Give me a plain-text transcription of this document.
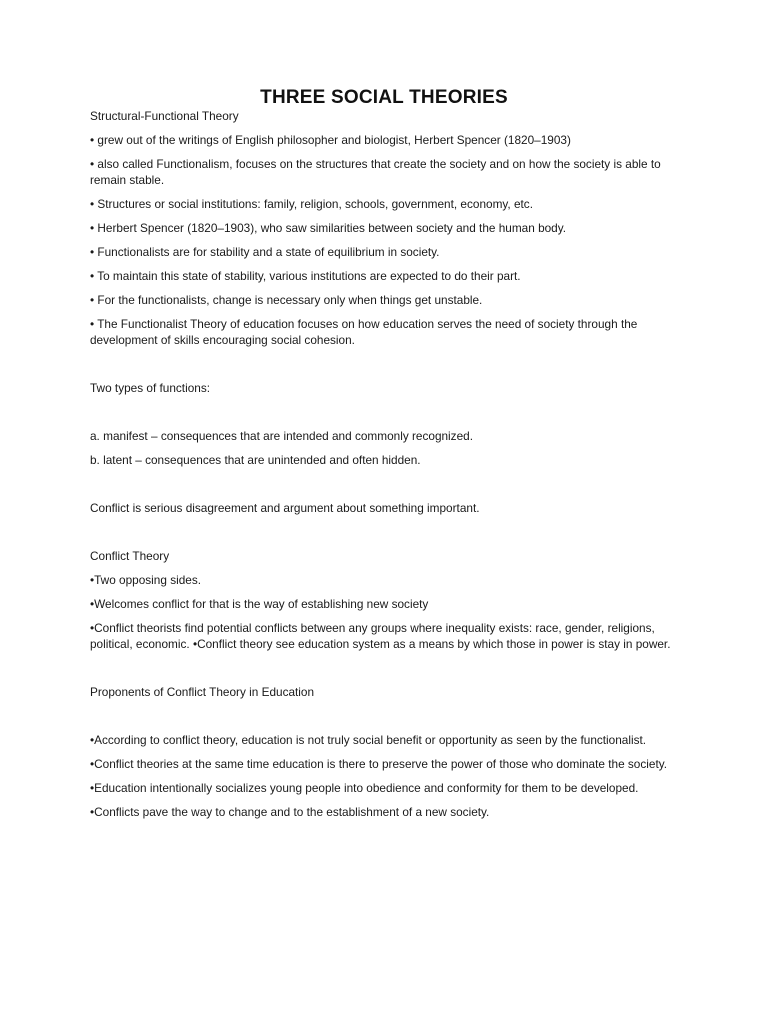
THREE SOCIAL THEORIES

Structural-Functional Theory

• grew out of the writings of English philosopher and biologist, Herbert Spencer (1820–1903)

• also called Functionalism, focuses on the structures that create the society and on how the society is able to remain stable.

• Structures or social institutions: family, religion, schools, government, economy, etc.

• Herbert Spencer (1820–1903), who saw similarities between society and the human body.

• Functionalists are for stability and a state of equilibrium in society.

• To maintain this state of stability, various institutions are expected to do their part.

• For the functionalists, change is necessary only when things get unstable.

• The Functionalist Theory of education focuses on how education serves the need of society through the development of skills encouraging social cohesion.

Two types of functions:

a. manifest – consequences that are intended and commonly recognized.

b. latent – consequences that are unintended and often hidden.

Conflict is serious disagreement and argument about something important.

Conflict Theory

•Two opposing sides.

•Welcomes conflict for that is the way of establishing new society

•Conflict theorists find potential conflicts between any groups where inequality exists: race, gender, religions, political, economic. •Conflict theory see education system as a means by which those in power is stay in power.

Proponents of Conflict Theory in Education

•According to conflict theory, education is not truly social benefit or opportunity as seen by the functionalist.

•Conflict theories at the same time education is there to preserve the power of those who dominate the society.

•Education intentionally socializes young people into obedience and conformity for them to be developed.

•Conflicts pave the way to change and to the establishment of a new society.
